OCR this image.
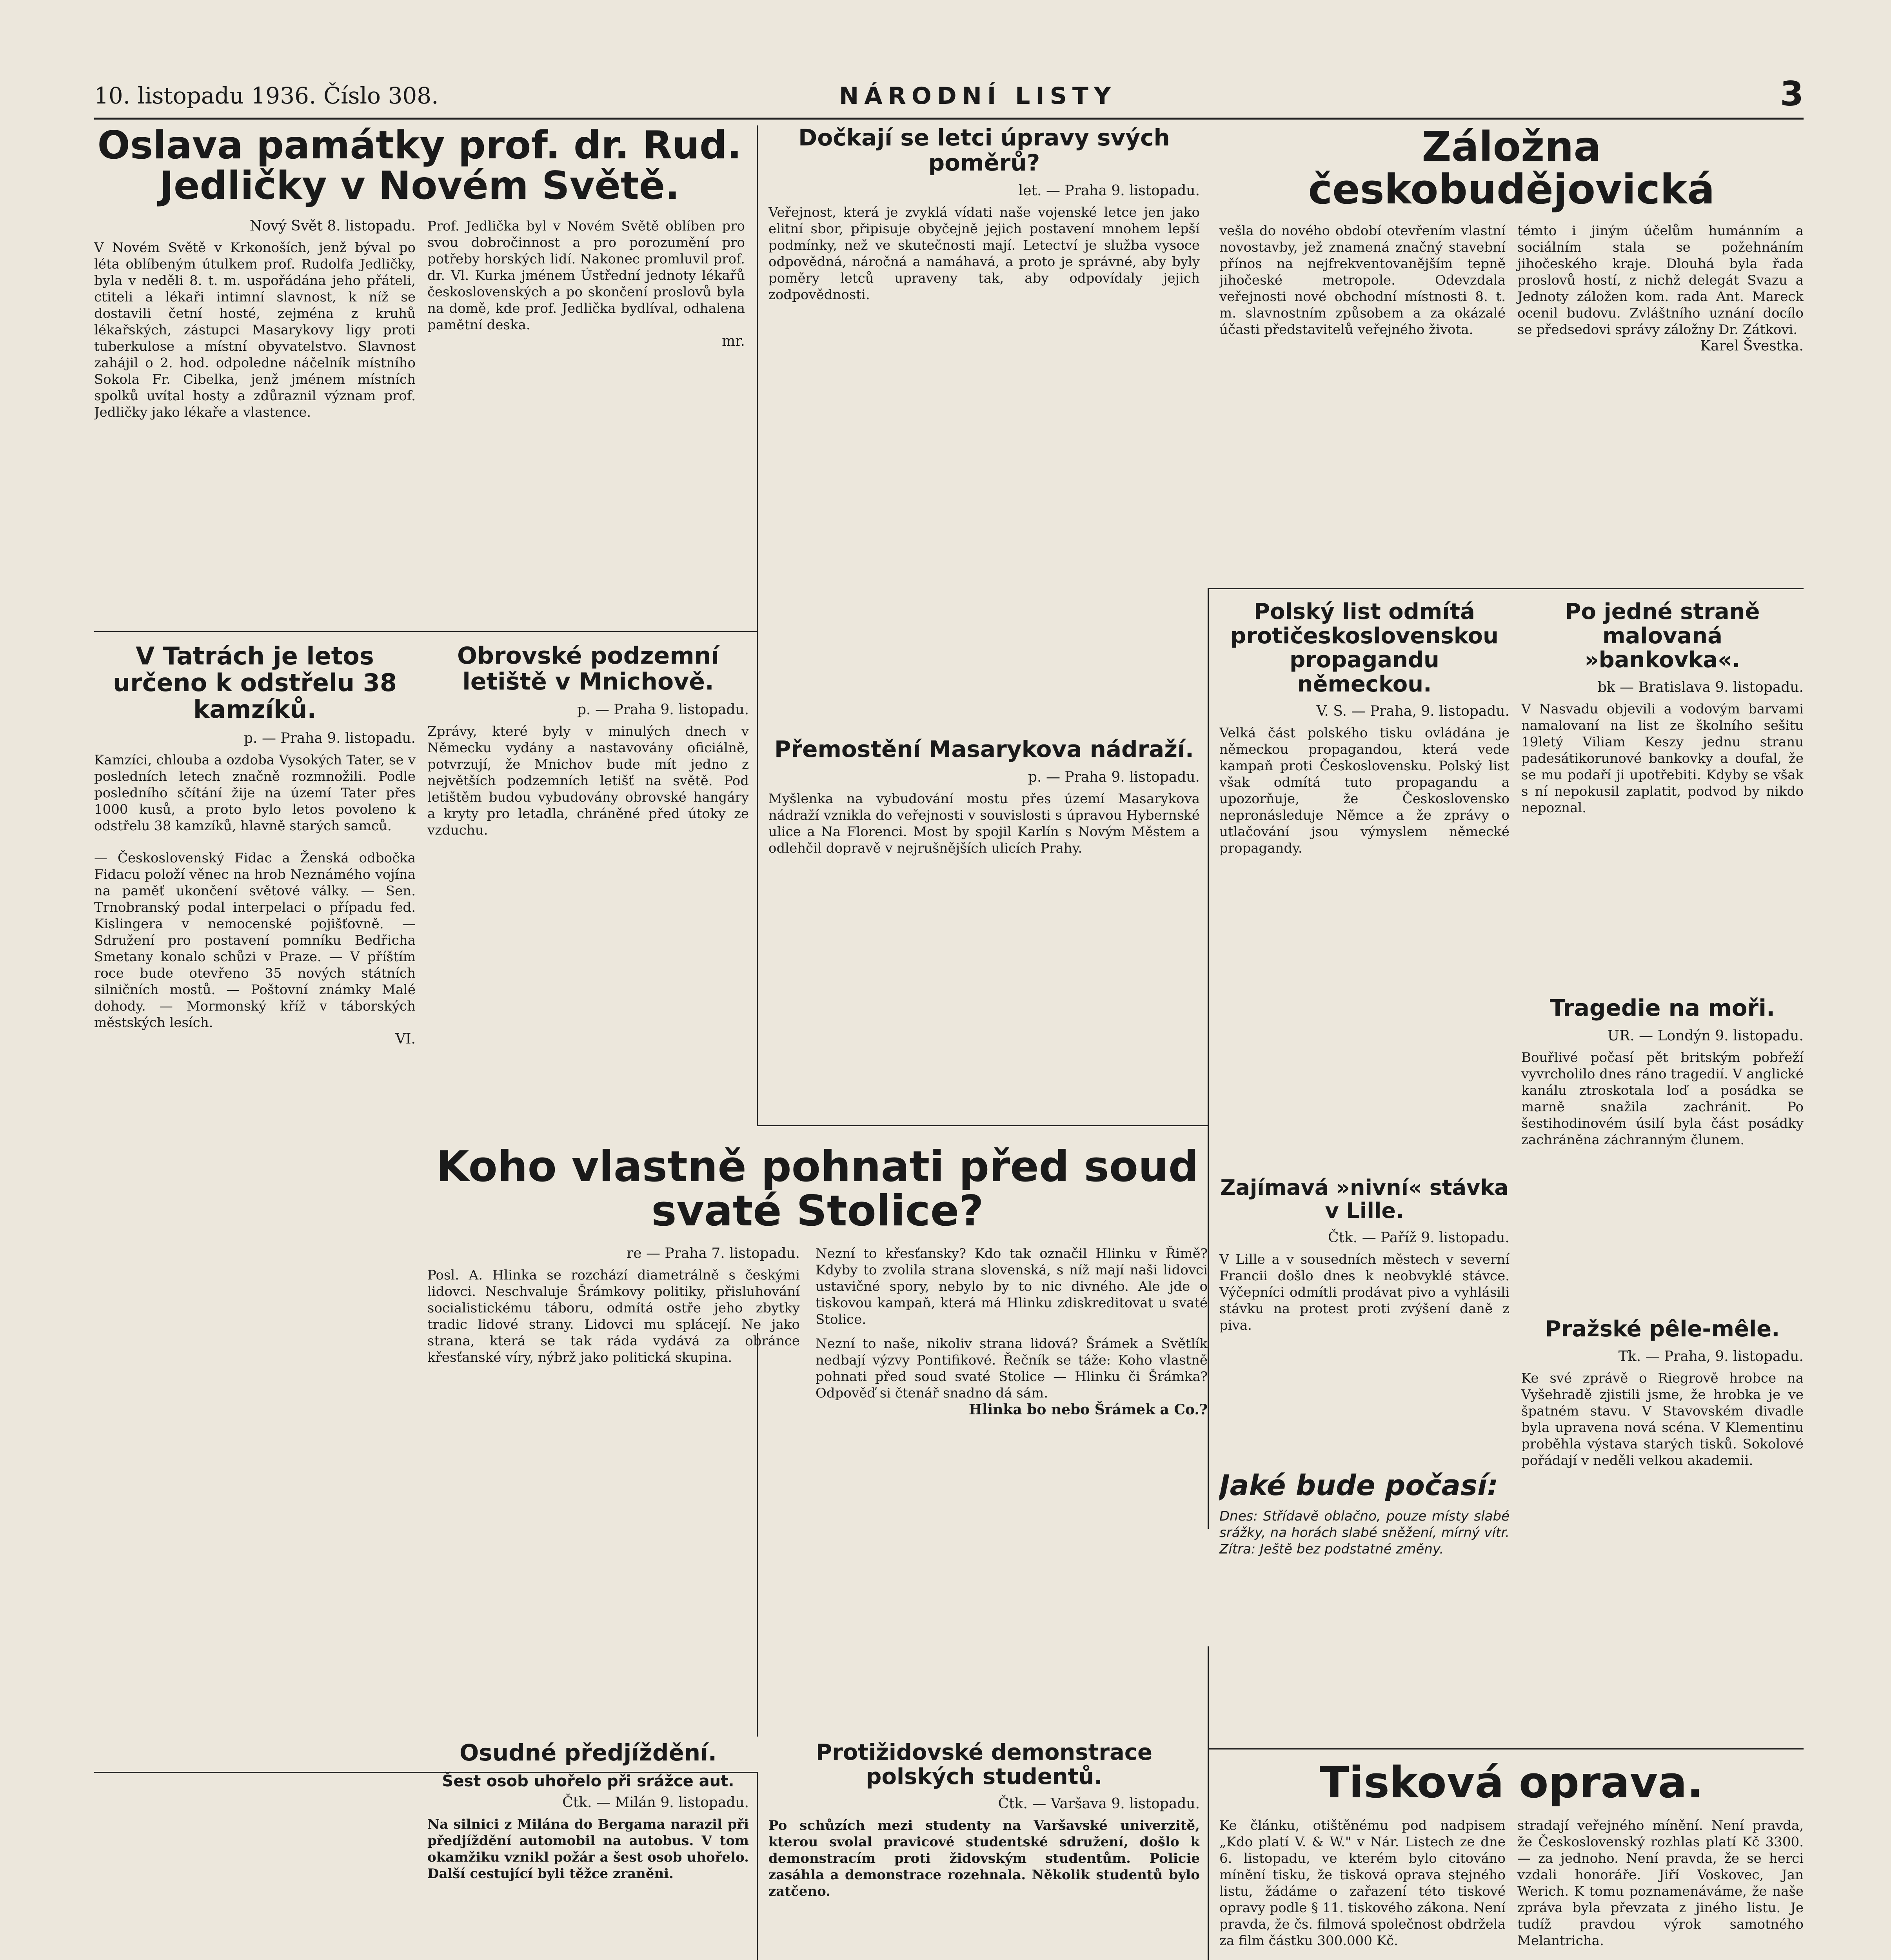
10. listopadu 1936. Číslo 308.	NÁRODNÍ LISTY	3
Oslava památky prof. dr. Rud. Jedličky v Novém Světě.
Nový Svět 8. listopadu.

V Novém Světě v Krkonoších, jenž býval po léta oblíbeným útulkem prof. Rudolfa Jedličky, byla v neděli 8. t. m. uspořádána jeho přáteli, ctiteli a lékaři intimní slavnost, k níž se dostavili četní hosté, zejména z kruhů lékařských, zástupci Masarykovy ligy proti tuberkulose a místní obyvatelstvo. Slavnost zahájil o 2. hod. odpoledne náčelník místního Sokola Fr. Cibelka, jenž jménem místních spolků uvítal hosty a zdůraznil význam prof. Jedličky jako lékaře a vlastence.

Prof. Jedlička byl v Novém Světě oblíben pro svou dobročinnost a pro porozumění pro potřeby horských lidí. Nakonec promluvil prof. dr. Vl. Kurka jménem Ústřední jednoty lékařů československých a po skončení proslovů byla na domě, kde prof. Jedlička bydlíval, odhalena pamětní deska.

mr.
V Tatrách je letos určeno k odstřelu 38 kamzíků.
p. — Praha 9. listopadu.

Kamzíci, chlouba a ozdoba Vysokých Tater, se v posledních letech značně rozmnožili. Podle posledního sčítání žije na území Tater přes 1000 kusů, a proto bylo letos povoleno k odstřelu 38 kamzíků, hlavně starých samců.

— Československý Fidac a Ženská odbočka Fidacu položí věnec na hrob Neznámého vojína na paměť ukončení světové války. — Sen. Trnobranský podal interpelaci o případu fed. Kislingera v nemocenské pojišťovně. — Sdružení pro postavení pomníku Bedřicha Smetany konalo schůzi v Praze. — V příštím roce bude otevřeno 35 nových státních silničních mostů. — Poštovní známky Malé dohody. — Mormonský kříž v táborských městských lesích.

VI.
Obrovské podzemní letiště v Mnichově.
p. — Praha 9. listopadu.

Zprávy, které byly v minulých dnech v Německu vydány a nastavovány oficiálně, potvrzují, že Mnichov bude mít jedno z největších podzemních letišť na světě. Pod letištěm budou vybudovány obrovské hangáry a kryty pro letadla, chráněné před útoky ze vzduchu.

Dočkají se letci úpravy svých poměrů?
let. — Praha 9. listopadu.

Veřejnost, která je zvyklá vídati naše vojenské letce jen jako elitní sbor, připisuje obyčejně jejich postavení mnohem lepší podmínky, než ve skutečnosti mají. Letectví je služba vysoce odpovědná, náročná a namáhavá, a proto je správné, aby byly poměry letců upraveny tak, aby odpovídaly jejich zodpovědnosti.

Přemostění Masarykova nádraží.
p. — Praha 9. listopadu.

Myšlenka na vybudování mostu přes území Masarykova nádraží vznikla do veřejnosti v souvislosti s úpravou Hybernské ulice a Na Florenci. Most by spojil Karlín s Novým Městem a odlehčil dopravě v nejrušnějších ulicích Prahy.

Záložna českobudějovická

vešla do nového období otevřením vlastní novostavby, jež znamená značný stavební přínos na nejfrekventovanějším tepně jihočeské metropole. Odevzdala veřejnosti nové obchodní místnosti 8. t. m. slavnostním způsobem a za okázalé účasti představitelů veřejného života.

témto i jiným účelům humánním a sociálním stala se požehnáním jihočeského kraje. Dlouhá byla řada proslovů hostí, z nichž delegát Svazu a Jednoty záložen kom. rada Ant. Mareck ocenil budovu. Zvláštního uznání docílo se předsedovi správy záložny Dr. Zátkovi.

Karel Švestka.
Polský list odmítá protičeskoslovenskou propagandu německou.
V. S. — Praha, 9. listopadu.

Velká část polského tisku ovládána je německou propagandou, která vede kampaň proti Československu. Polský list však odmítá tuto propagandu a upozorňuje, že Československo nepronásleduje Němce a že zprávy o utlačování jsou výmyslem německé propagandy.

Zajímavá »nivní« stávka v Lille.
Čtk. — Paříž 9. listopadu.

V Lille a v sousedních městech v severní Francii došlo dnes k neobvyklé stávce. Výčepníci odmítli prodávat pivo a vyhlásili stávku na protest proti zvýšení daně z piva.

Jaké bude počasí:

Dnes: Střídavě oblačno, pouze místy slabé srážky, na horách slabé sněžení, mírný vítr. Zítra: Ještě bez podstatné změny.

Po jedné straně malovaná »bankovka«.
bk — Bratislava 9. listopadu.

V Nasvadu objevili a vodovým barvami namalovaní na list ze školního sešitu 19letý Viliam Keszy jednu stranu padesátikorunové bankovky a doufal, že se mu podaří ji upotřebiti. Kdyby se však s ní nepokusil zaplatit, podvod by nikdo nepoznal.

Tragedie na moři.
UR. — Londýn 9. listopadu.

Bouřlivé počasí pět britským pobřeží vyvrcholilo dnes ráno tragedií. V anglické kanálu ztroskotala loď a posádka se marně snažila zachránit. Po šestihodinovém úsilí byla část posádky zachráněna záchranným člunem.

Pražské pêle-mêle.
Tk. — Praha, 9. listopadu.

Ke své zprávě o Riegrově hrobce na Vyšehradě zjistili jsme, že hrobka je ve špatném stavu. V Stavovském divadle byla upravena nová scéna. V Klementinu proběhla výstava starých tisků. Sokolové pořádají v neděli velkou akademii.

Koho vlastně pohnati před soud svaté Stolice?
re — Praha 7. listopadu.

Posl. A. Hlinka se rozchází diametrálně s českými lidovci. Neschvaluje Šrámkovy politiky, přisluhování socialistickému táboru, odmítá ostře jeho zbytky tradic lidové strany. Lidovci mu splácejí. Ne jako strana, která se tak ráda vydává za obránce křesťanské víry, nýbrž jako politická skupina.

Nezní to křesťansky? Kdo tak označil Hlinku v Řimě? Kdyby to zvolila strana slovenská, s níž mají naši lidovci ustavičné spory, nebylo by to nic divného. Ale jde o tiskovou kampaň, která má Hlinku zdiskreditovat u svaté Stolice.

Nezní to naše, nikoliv strana lidová? Šrámek a Světlík nedbají výzvy Pontifikové. Řečník se táže: Koho vlastně pohnati před soud svaté Stolice — Hlinku či Šrámka? Odpověď si čtenář snadno dá sám.

Hlinka bo nebo Šrámek a Co.?
Osudné předjíždění.
Šest osob uhořelo při srážce aut.
Čtk. — Milán 9. listopadu.

Na silnici z Milána do Bergama narazil při předjíždění automobil na autobus. V tom okamžiku vznikl požár a šest osob uhořelo. Další cestující byli těžce zraněni.

Protižidovské demonstrace polských studentů.
Čtk. — Varšava 9. listopadu.

Po schůzích mezi studenty na Varšavské univerzitě, kterou svolal pravicové studentské sdružení, došlo k demonstracím proti židovským studentům. Policie zasáhla a demonstrace rozehnala. Několik studentů bylo zatčeno.

Tisková oprava.

Ke článku, otištěnému pod nadpisem „Kdo platí V. & W." v Nár. Listech ze dne 6. listopadu, ve kterém bylo citováno mínění tisku, že tisková oprava stejného listu, žádáme o zařazení této tiskové opravy podle § 11. tiskového zákona. Není pravda, že čs. filmová společnost obdržela za film částku 300.000 Kč.

stradají veřejného mínění. Není pravda, že Československý rozhlas platí Kč 3300.— za jednoho. Není pravda, že se herci vzdali honoráře. Jiří Voskovec, Jan Werich. K tomu poznamenáváme, že naše zpráva byla převzata z jiného listu. Je tudíž pravdou výrok samotného Melantricha.
